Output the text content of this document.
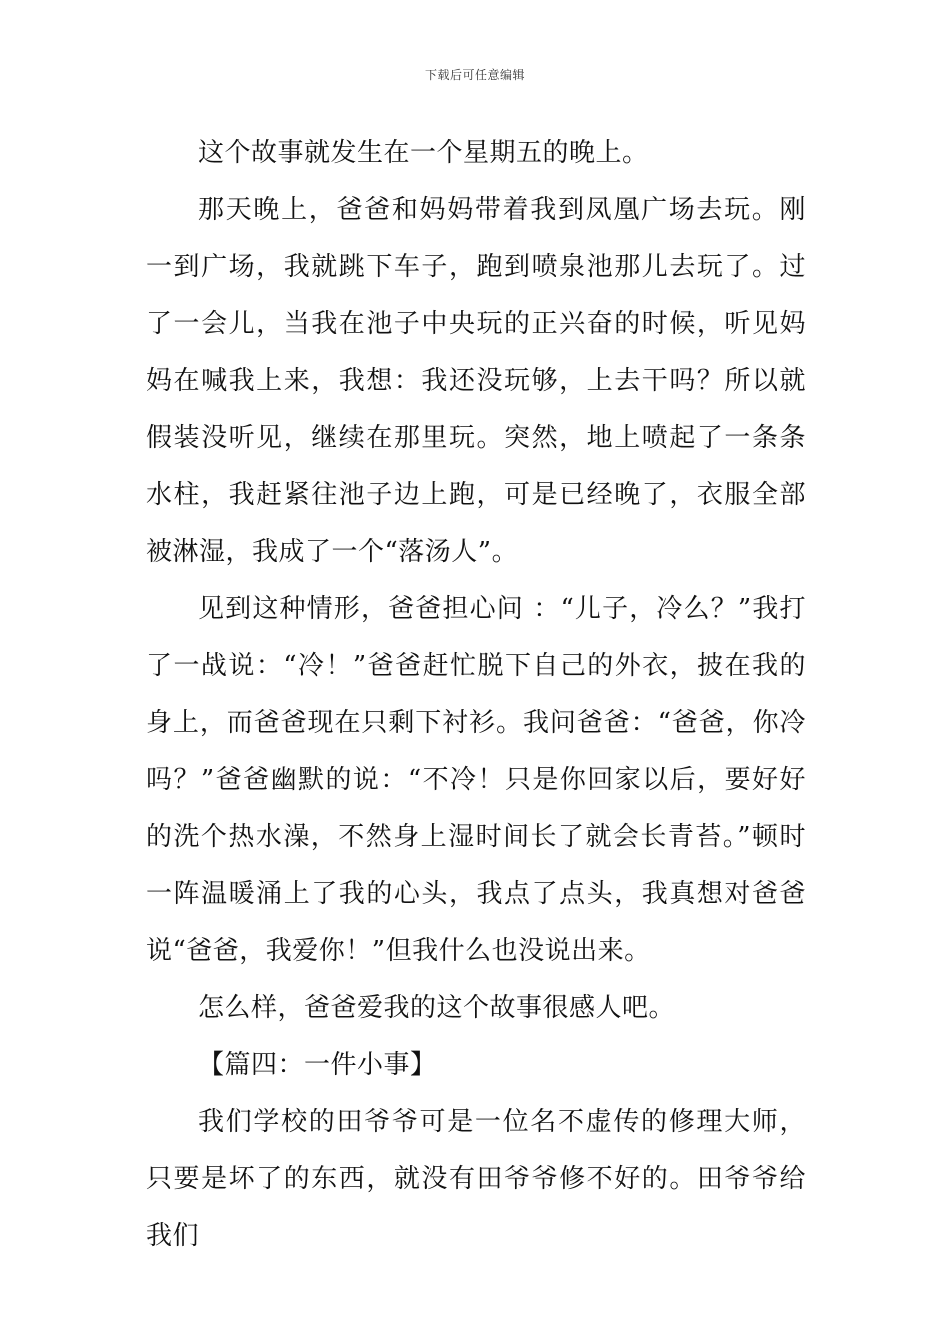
下载后可任意编辑

这个故事就发生在一个星期五的晚上。

那天晚上，爸爸和妈妈带着我到凤凰广场去玩。刚一到广场，我就跳下车子，跑到喷泉池那儿去玩了。过了一会儿，当我在池子中央玩的正兴奋的时候，听见妈妈在喊我上来，我想：我还没玩够，上去干吗？所以就假装没听见，继续在那里玩。突然，地上喷起了一条条水柱，我赶紧往池子边上跑，可是已经晚了，衣服全部被淋湿，我成了一个“落汤人”。

见到这种情形，爸爸担心问 ：“儿子，冷么？”我打了一战说：“冷！”爸爸赶忙脱下自己的外衣，披在我的身上，而爸爸现在只剩下衬衫。我问爸爸：“爸爸，你冷吗？”爸爸幽默的说：“不冷！只是你回家以后，要好好的洗个热水澡，不然身上湿时间长了就会长青苔。”顿时一阵温暖涌上了我的心头，我点了点头，我真想对爸爸说“爸爸，我爱你！”但我什么也没说出来。

怎么样，爸爸爱我的这个故事很感人吧。

【篇四：一件小事】

我们学校的田爷爷可是一位名不虚传的修理大师，只要是坏了的东西，就没有田爷爷修不好的。田爷爷给我们
